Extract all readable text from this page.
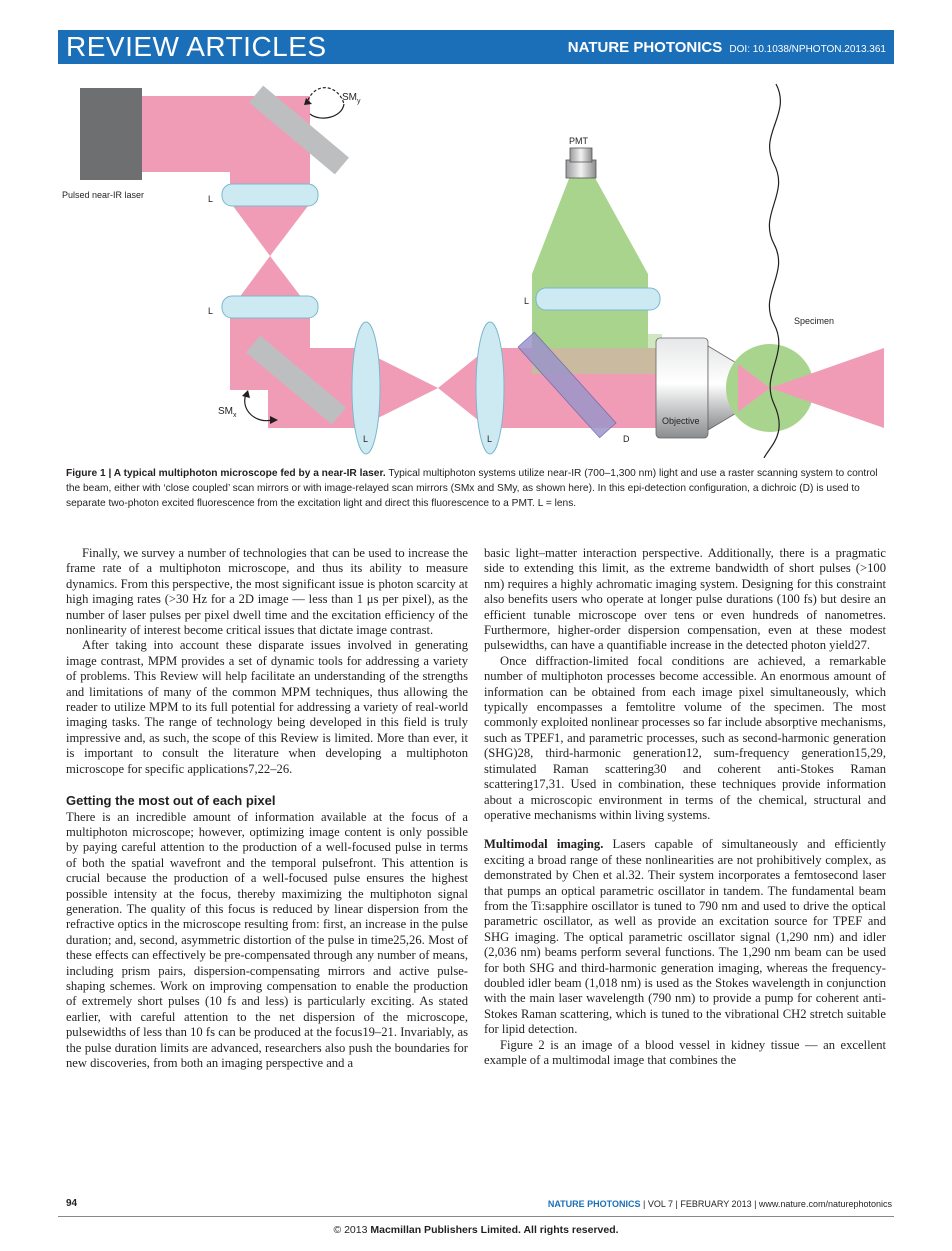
REVIEW ARTICLES	NATURE PHOTONICS DOI: 10.1038/NPHOTON.2013.361
Pulsed near-IR laser
$SM_y$
$SM_x$
L
L
L	L
L
PMT
D
Objective
Specimen
Figure 1 | A typical multiphoton microscope fed by a near-IR laser. Typical multiphoton systems utilize near-IR (700–1,300 nm) light and use a raster scanning system to control the beam, either with ‘close coupled’ scan mirrors or with image-relayed scan mirrors (SMx and SMy, as shown here). In this epi-detection configuration, a dichroic (D) is used to separate two-photon excited fluorescence from the excitation light and direct this fluorescence to a PMT. L = lens.

Finally, we survey a number of technologies that can be used to increase the frame rate of a multiphoton microscope, and thus its ability to measure dynamics. From this perspective, the most significant issue is photon scarcity at high imaging rates (>30 Hz for a 2D image — less than 1 μs per pixel), as the number of laser pulses per pixel dwell time and the excitation efficiency of the nonlinearity of interest become critical issues that dictate image contrast.

After taking into account these disparate issues involved in generating image contrast, MPM provides a set of dynamic tools for addressing a variety of problems. This Review will help facilitate an understanding of the strengths and limitations of many of the common MPM techniques, thus allowing the reader to utilize MPM to its full potential for addressing a variety of real-world imaging tasks. The range of technology being developed in this field is truly impressive and, as such, the scope of this Review is limited. More than ever, it is important to consult the literature when developing a multiphoton microscope for specific applications7,22–26.

Getting the most out of each pixel

There is an incredible amount of information available at the focus of a multiphoton microscope; however, optimizing image content is only possible by paying careful attention to the production of a well-focused pulse in terms of both the spatial wavefront and the temporal pulsefront. This attention is crucial because the production of a well-focused pulse ensures the highest possible intensity at the focus, thereby maximizing the multiphoton signal generation. The quality of this focus is reduced by linear dispersion from the refractive optics in the microscope resulting from: first, an increase in the pulse duration; and, second, asymmetric distortion of the pulse in time25,26. Most of these effects can effectively be pre-compensated through any number of means, including prism pairs, dispersion-compensating mirrors and active pulse-shaping schemes. Work on improving compensation to enable the production of extremely short pulses (10 fs and less) is particularly exciting. As stated earlier, with careful attention to the net dispersion of the microscope, pulsewidths of less than 10 fs can be produced at the focus19–21. Invariably, as the pulse duration limits are advanced, researchers also push the boundaries for new discoveries, from both an imaging perspective and a

basic light–matter interaction perspective. Additionally, there is a pragmatic side to extending this limit, as the extreme bandwidth of short pulses (>100 nm) requires a highly achromatic imaging system. Designing for this constraint also benefits users who operate at longer pulse durations (100 fs) but desire an efficient tunable microscope over tens or even hundreds of nanometres. Furthermore, higher-order dispersion compensation, even at these modest pulsewidths, can have a quantifiable increase in the detected photon yield27.

Once diffraction-limited focal conditions are achieved, a remarkable number of multiphoton processes become accessible. An enormous amount of information can be obtained from each image pixel simultaneously, which typically encompasses a femtolitre volume of the specimen. The most commonly exploited nonlinear processes so far include absorptive mechanisms, such as TPEF1, and parametric processes, such as second-harmonic generation (SHG)28, third-harmonic generation12, sum-frequency generation15,29, stimulated Raman scattering30 and coherent anti-Stokes Raman scattering17,31. Used in combination, these techniques provide information about a microscopic environment in terms of the chemical, structural and operative mechanisms within living systems.

Multimodal imaging. Lasers capable of simultaneously and efficiently exciting a broad range of these nonlinearities are not prohibitively complex, as demonstrated by Chen et al.32. Their system incorporates a femtosecond laser that pumps an optical parametric oscillator in tandem. The fundamental beam from the Ti:sapphire oscillator is tuned to 790 nm and used to drive the optical parametric oscillator, as well as provide an excitation source for TPEF and SHG imaging. The optical parametric oscillator signal (1,290 nm) and idler (2,036 nm) beams perform several functions. The 1,290 nm beam can be used for both SHG and third-harmonic generation imaging, whereas the frequency-doubled idler beam (1,018 nm) is used as the Stokes wavelength in conjunction with the main laser wavelength (790 nm) to provide a pump for coherent anti-Stokes Raman scattering, which is tuned to the vibrational CH2 stretch suitable for lipid detection.

Figure 2 is an image of a blood vessel in kidney tissue — an excellent example of a multimodal image that combines the

94	NATURE PHOTONICS | VOL 7 | FEBRUARY 2013 | www.nature.com/naturephotonics
© 2013 Macmillan Publishers Limited. All rights reserved.
